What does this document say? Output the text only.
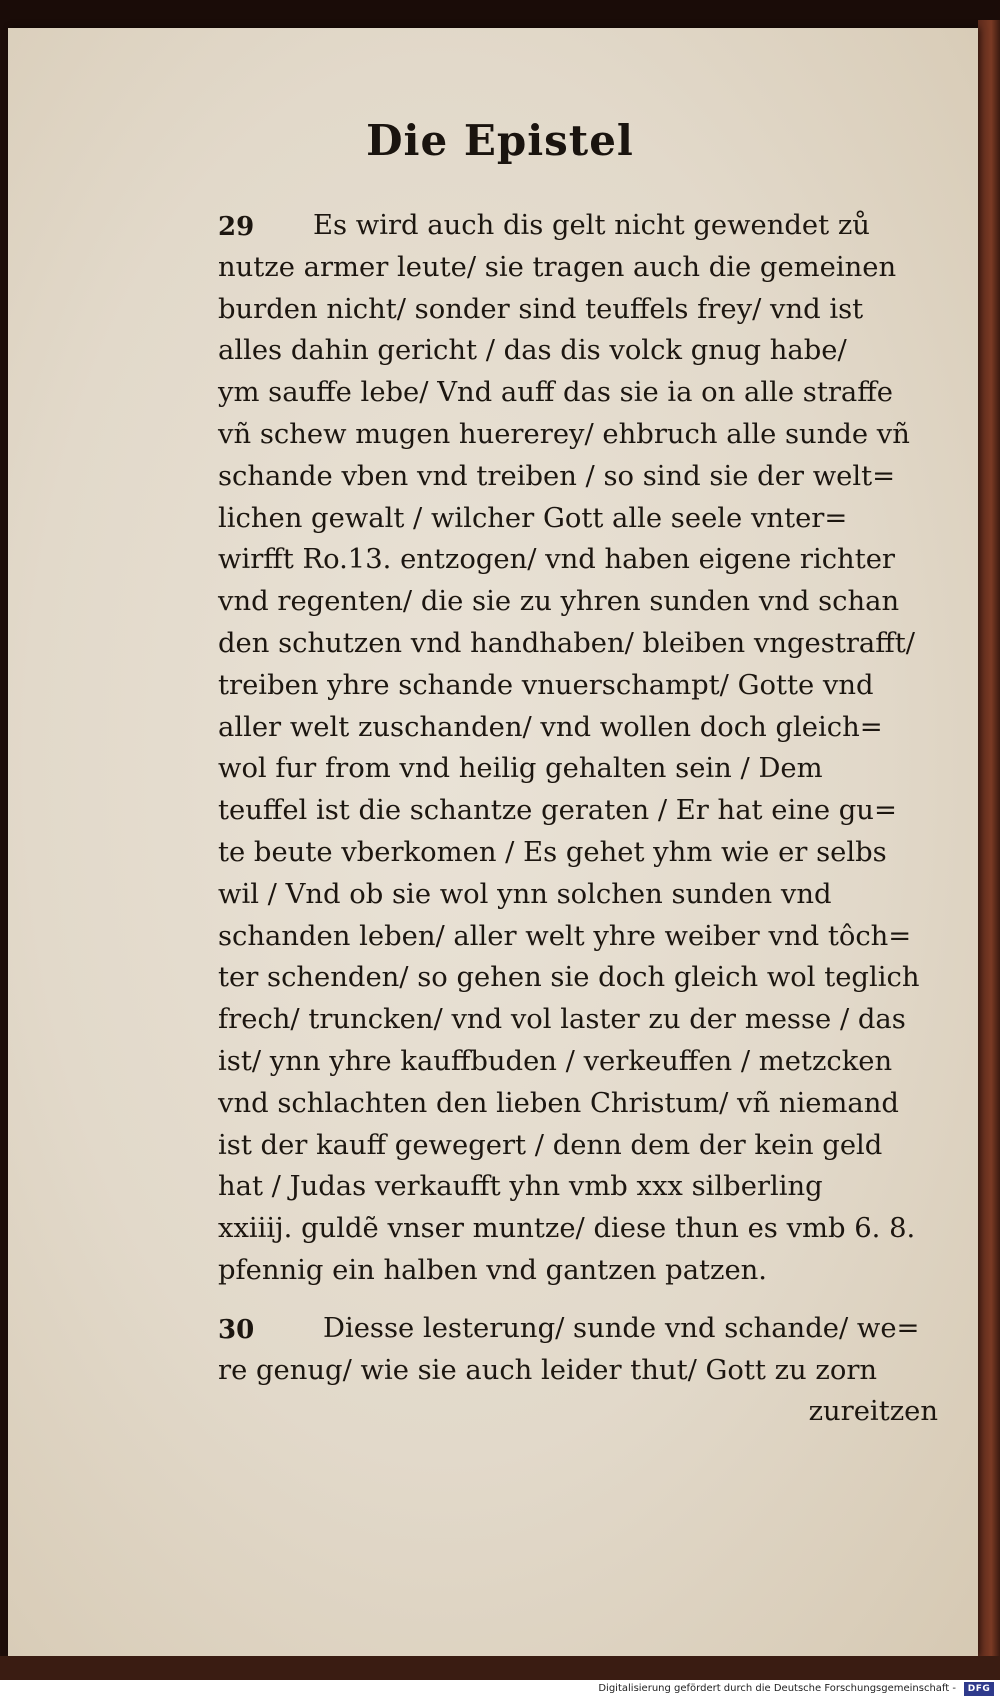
Die Epistel
29	Es wird auch dis gelt nicht gewendet zů
nutze armer leute/ sie tragen auch die gemeinen
burden nicht/ sonder sind teuffels frey/ vnd ist
alles dahin gericht / das dis volck gnug habe/
ym sauffe lebe/ Vnd auff das sie ia on alle straffe
vñ schew mugen huererey/ ehbruch alle sunde vñ
schande vben vnd treiben / so sind sie der welt=
lichen gewalt / wilcher Gott alle seele vnter=
wirfft Ro.13. entzogen/ vnd haben eigene richter
vnd regenten/ die sie zu yhren sunden vnd schan
den schutzen vnd handhaben/ bleiben vngestrafft/
treiben yhre schande vnuerschampt/ Gotte vnd
aller welt zuschanden/ vnd wollen doch gleich=
wol fur from vnd heilig gehalten sein / Dem
teuffel ist die schantze geraten / Er hat eine gu=
te beute vberkomen / Es gehet yhm wie er selbs
wil / Vnd ob sie wol ynn solchen sunden vnd
schanden leben/ aller welt yhre weiber vnd tôch=
ter schenden/ so gehen sie doch gleich wol teglich
frech/ truncken/ vnd vol laster zu der messe / das
ist/ ynn yhre kauffbuden / verkeuffen / metzcken
vnd schlachten den lieben Christum/ vñ niemand
ist der kauff gewegert / denn dem der kein geld
hat / Judas verkaufft yhn vmb xxx silberling
xxiiij. guldẽ vnser muntze/ diese thun es vmb 6. 8.
pfennig ein halben vnd gantzen patzen.
30	Diesse lesterung/ sunde vnd schande/ we=
re genug/ wie sie auch leider thut/ Gott zu zorn
zureitzen
Digitalisierung gefördert durch die Deutsche Forschungsgemeinschaft -	DFG
